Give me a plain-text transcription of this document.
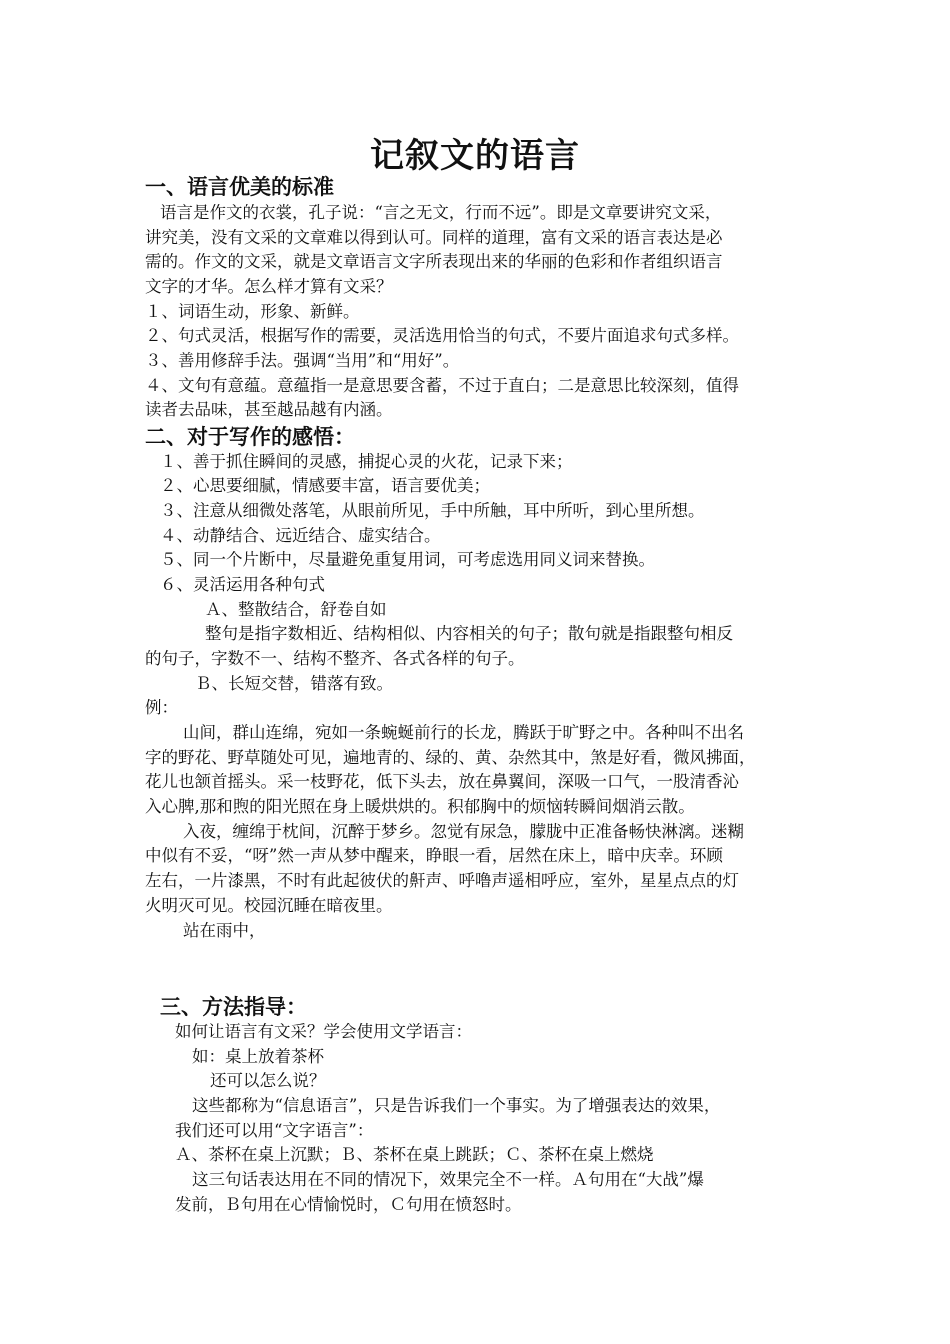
记叙文的语言
一、语言优美的标准
语言是作文的衣裳，孔子说：“言之无文，行而不远”。即是文章要讲究文采，
讲究美，没有文采的文章难以得到认可。同样的道理，富有文采的语言表达是必
需的。作文的文采，就是文章语言文字所表现出来的华丽的色彩和作者组织语言
文字的才华。怎么样才算有文采？
１、词语生动，形象、新鲜。
２、句式灵活，根据写作的需要，灵活选用恰当的句式，不要片面追求句式多样。
３、善用修辞手法。强调“当用”和“用好”。
４、文句有意蕴。意蕴指一是意思要含蓄，不过于直白；二是意思比较深刻，值得
读者去品味，甚至越品越有内涵。
二、对于写作的感悟：
１、善于抓住瞬间的灵感，捕捉心灵的火花，记录下来；
２、心思要细腻，情感要丰富，语言要优美；
３、注意从细微处落笔，从眼前所见，手中所触，耳中所听，到心里所想。
４、动静结合、远近结合、虚实结合。
５、同一个片断中，尽量避免重复用词，可考虑选用同义词来替换。
６、灵活运用各种句式
Ａ、整散结合，舒卷自如
整句是指字数相近、结构相似、内容相关的句子；散句就是指跟整句相反
的句子，字数不一、结构不整齐、各式各样的句子。
Ｂ、长短交替，错落有致。
例：
山间，群山连绵，宛如一条蜿蜒前行的长龙，腾跃于旷野之中。各种叫不出名
字的野花、野草随处可见，遍地青的、绿的、黄、杂然其中，煞是好看，微风拂面，
花儿也颔首摇头。采一枝野花，低下头去，放在鼻翼间，深吸一口气，一股清香沁
入心脾,那和煦的阳光照在身上暖烘烘的。积郁胸中的烦恼转瞬间烟消云散。
入夜，缠绵于枕间，沉醉于梦乡。忽觉有尿急，朦胧中正准备畅快淋漓。迷糊
中似有不妥，“呀”然一声从梦中醒来，睁眼一看，居然在床上，暗中庆幸。环顾
左右，一片漆黑，不时有此起彼伏的鼾声、呼噜声遥相呼应，室外，星星点点的灯
火明灭可见。校园沉睡在暗夜里。
站在雨中，
三、方法指导：
如何让语言有文采？学会使用文学语言：
如：桌上放着茶杯
还可以怎么说？
这些都称为“信息语言”，只是告诉我们一个事实。为了增强表达的效果，
我们还可以用“文字语言”：
Ａ、茶杯在桌上沉默；Ｂ、茶杯在桌上跳跃；Ｃ、茶杯在桌上燃烧
这三句话表达用在不同的情况下，效果完全不一样。Ａ句用在“大战”爆
发前，Ｂ句用在心情愉悦时，Ｃ句用在愤怒时。
